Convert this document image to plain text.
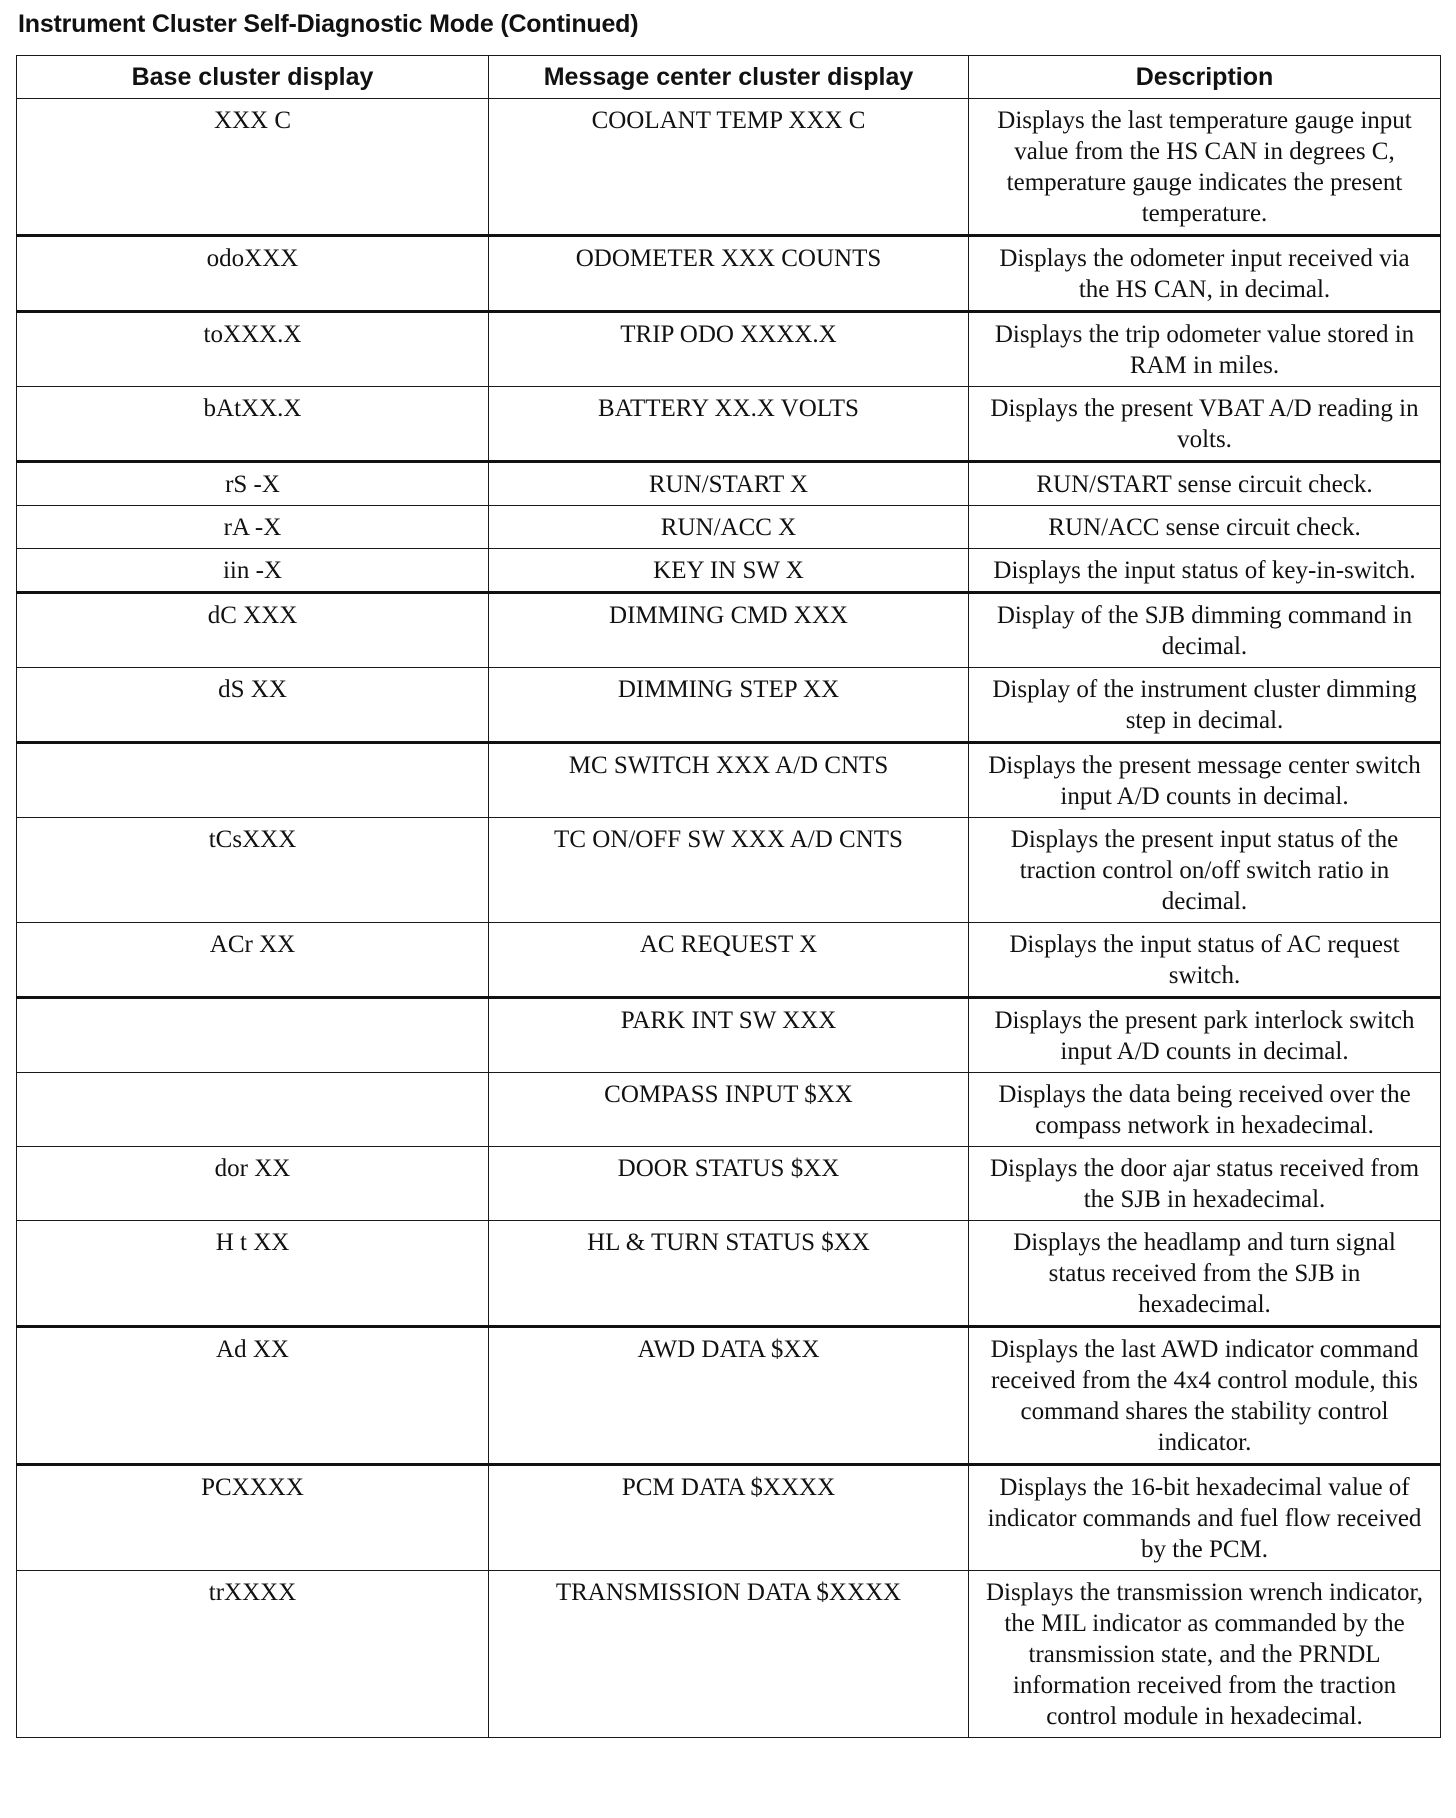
Instrument Cluster Self-Diagnostic Mode (Continued)
Base cluster display	Message center cluster display	Description
XXX C	COOLANT TEMP XXX C	Displays the last temperature gauge input value from the HS CAN in degrees C, temperature gauge indicates the present temperature.
odoXXX	ODOMETER XXX COUNTS	Displays the odometer input received via the HS CAN, in decimal.
toXXX.X	TRIP ODO XXXX.X	Displays the trip odometer value stored in RAM in miles.
bAtXX.X	BATTERY XX.X VOLTS	Displays the present VBAT A/D reading in volts.
rS -X	RUN/START X	RUN/START sense circuit check.
rA -X	RUN/ACC X	RUN/ACC sense circuit check.
iin -X	KEY IN SW X	Displays the input status of key-in-switch.
dC XXX	DIMMING CMD XXX	Display of the SJB dimming command in decimal.
dS XX	DIMMING STEP XX	Display of the instrument cluster dimming step in decimal.
	MC SWITCH XXX A/D CNTS	Displays the present message center switch input A/D counts in decimal.
tCsXXX	TC ON/OFF SW XXX A/D CNTS	Displays the present input status of the traction control on/off switch ratio in decimal.
ACr XX	AC REQUEST X	Displays the input status of AC request switch.
	PARK INT SW XXX	Displays the present park interlock switch input A/D counts in decimal.
	COMPASS INPUT $XX	Displays the data being received over the compass network in hexadecimal.
dor XX	DOOR STATUS $XX	Displays the door ajar status received from the SJB in hexadecimal.
H t XX	HL & TURN STATUS $XX	Displays the headlamp and turn signal status received from the SJB in hexadecimal.
Ad XX	AWD DATA $XX	Displays the last AWD indicator command received from the 4x4 control module, this command shares the stability control indicator.
PCXXXX	PCM DATA $XXXX	Displays the 16-bit hexadecimal value of indicator commands and fuel flow received by the PCM.
trXXXX	TRANSMISSION DATA $XXXX	Displays the transmission wrench indicator, the MIL indicator as commanded by the transmission state, and the PRNDL information received from the traction control module in hexadecimal.
